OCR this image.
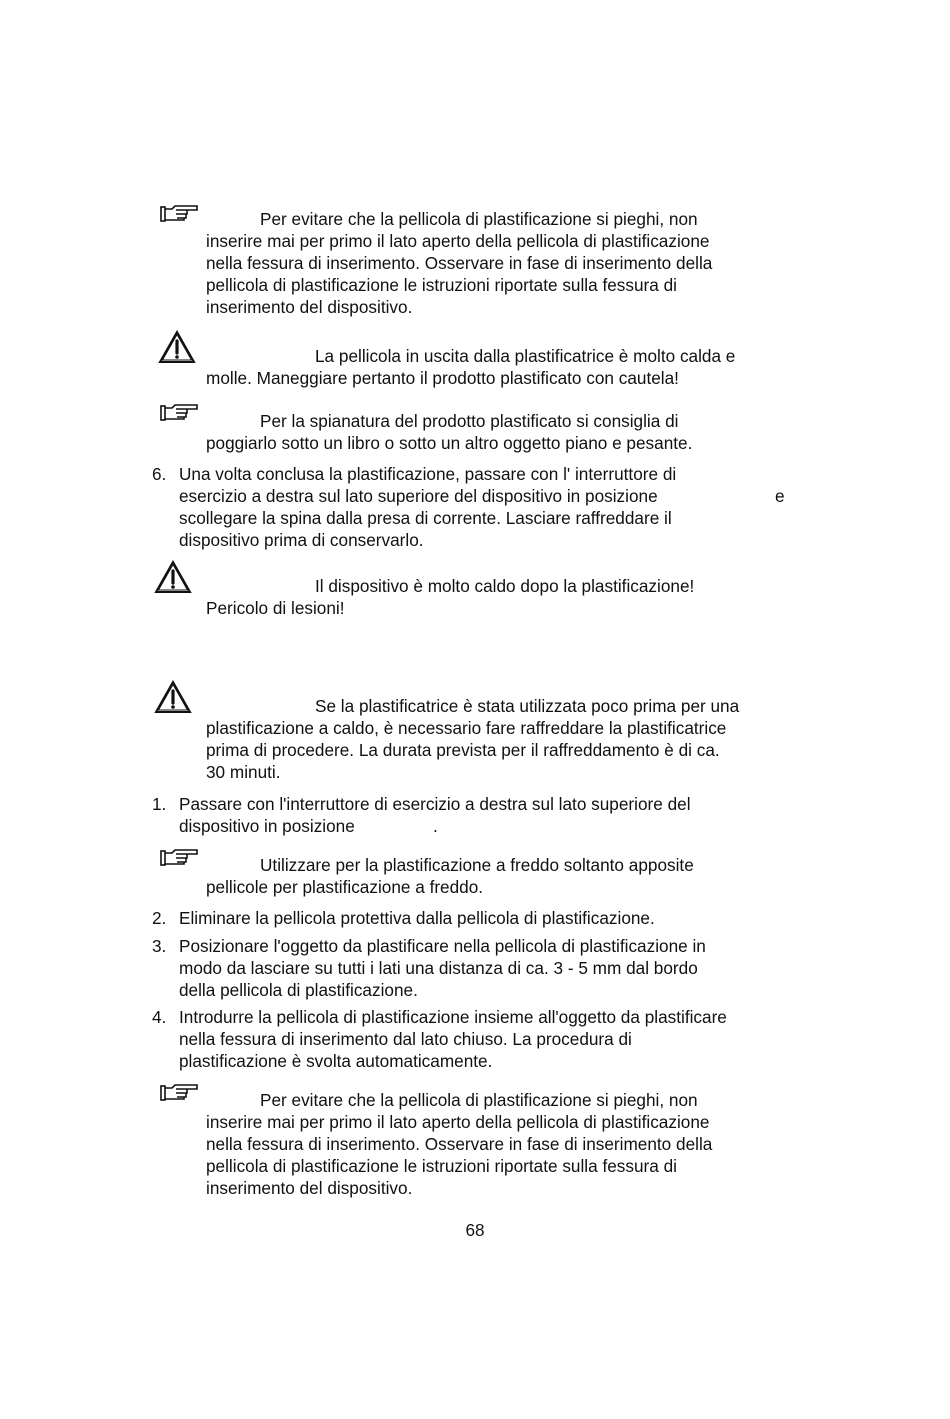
Per evitare che la pellicola di plastificazione si pieghi, non
inserire mai per primo il lato aperto della pellicola di plastificazione
nella fessura di inserimento. Osservare in fase di inserimento della
pellicola di plastificazione le istruzioni riportate sulla fessura di
inserimento del dispositivo.
La pellicola in uscita dalla plastificatrice è molto calda e
molle. Maneggiare pertanto il prodotto plastificato con cautela!
Per la spianatura del prodotto plastificato si consiglia di
poggiarlo sotto un libro o sotto un altro oggetto piano e pesante.
6. Una volta conclusa la plastificazione, passare con l' interruttore di
esercizio a destra sul lato superiore del dispositivo in posizione
scollegare la spina dalla presa di corrente. Lasciare raffreddare il
dispositivo prima di conservarlo.
e
Il dispositivo è molto caldo dopo la plastificazione!
Pericolo di lesioni!
Se la plastificatrice è stata utilizzata poco prima per una
plastificazione a caldo, è necessario fare raffreddare la plastificatrice
prima di procedere. La durata prevista per il raffreddamento è di ca.
30 minuti.
1. Passare con l'interruttore di esercizio a destra sul lato superiore del
dispositivo in posizione	.
Utilizzare per la plastificazione a freddo soltanto apposite
pellicole per plastificazione a freddo.
2. Eliminare la pellicola protettiva dalla pellicola di plastificazione.
3. Posizionare l'oggetto da plastificare nella pellicola di plastificazione in
modo da lasciare su tutti i lati una distanza di ca. 3 - 5 mm dal bordo
della pellicola di plastificazione.
4. Introdurre la pellicola di plastificazione insieme all'oggetto da plastificare
nella fessura di inserimento dal lato chiuso. La procedura di
plastificazione è svolta automaticamente.
Per evitare che la pellicola di plastificazione si pieghi, non
inserire mai per primo il lato aperto della pellicola di plastificazione
nella fessura di inserimento. Osservare in fase di inserimento della
pellicola di plastificazione le istruzioni riportate sulla fessura di
inserimento del dispositivo.
68
